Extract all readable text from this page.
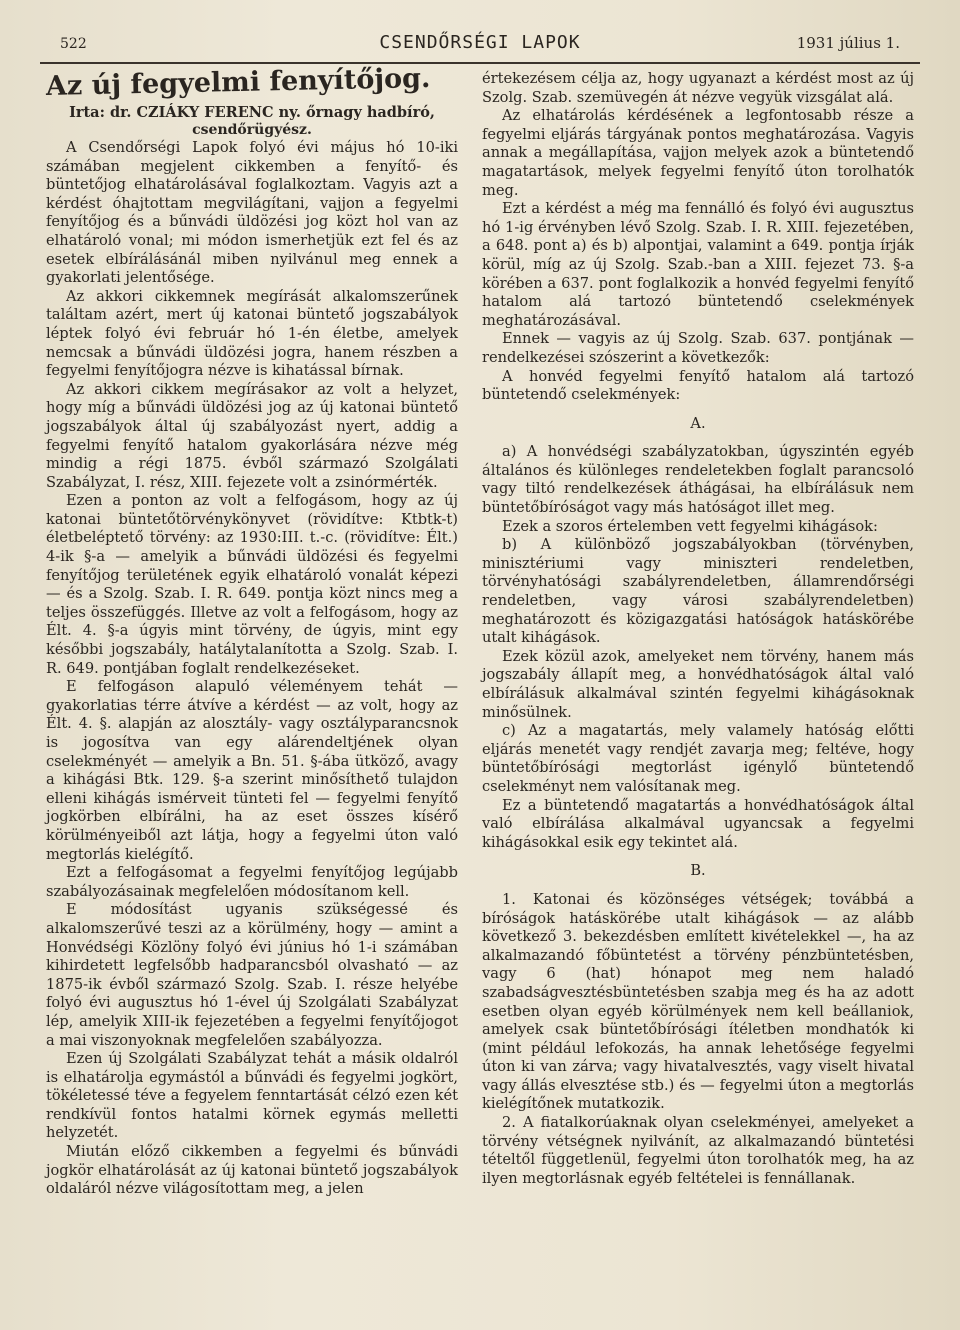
522	CSENDŐRSÉGI LAPOK	1931 július 1.

Az új fegyelmi fenyítőjog.

Irta: dr. CZIÁKY FERENC ny. őrnagy hadbíró,

csendőrügyész.

A Csendőrségi Lapok folyó évi május hó 10-iki számában megjelent cikkemben a fenyítő- és büntetőjog elhatárolásával foglalkoztam. Vagyis azt a kérdést óhajtottam megvilágítani, vajjon a fegyelmi fenyítőjog és a bűnvádi üldözési jog közt hol van az elhatároló vonal; mi módon ismerhetjük ezt fel és az esetek elbírálásánál miben nyilvánul meg ennek a gyakorlati jelentősége.

Az akkori cikkemnek megírását alkalomszerűnek találtam azért, mert új katonai büntető jogszabályok léptek folyó évi február hó 1-én életbe, amelyek nemcsak a bűnvádi üldözési jogra, hanem részben a fegyelmi fenyítőjogra nézve is kihatással bírnak.

Az akkori cikkem megírásakor az volt a helyzet, hogy míg a bűnvádi üldözési jog az új katonai büntető jogszabályok által új szabályozást nyert, addig a fegyelmi fenyítő hatalom gyakorlására nézve még mindig a régi 1875. évből származó Szolgálati Szabályzat, I. rész, XIII. fejezete volt a zsinórmérték.

Ezen a ponton az volt a felfogásom, hogy az új katonai büntetőtörvénykönyvet (rövidítve: Ktbtk-t) életbeléptető törvény: az 1930:III. t.-c. (rövidítve: Élt.) 4-ik §-a — amelyik a bűnvádi üldözési és fegyelmi fenyítőjog területének egyik elhatároló vonalát képezi — és a Szolg. Szab. I. R. 649. pontja közt nincs meg a teljes összefüggés. Illetve az volt a felfogásom, hogy az Élt. 4. §-a úgyis mint törvény, de úgyis, mint egy későbbi jogszabály, hatálytalanította a Szolg. Szab. I. R. 649. pontjában foglalt rendelkezéseket.

E felfogáson alapuló véleményem tehát — gyakorlatias térre átvíve a kérdést — az volt, hogy az Élt. 4. §. alapján az alosztály- vagy osztályparancsnok is jogosítva van egy alárendeltjének olyan cselekményét — amelyik a Bn. 51. §-ába ütköző, avagy a kihágási Btk. 129. §-a szerint minősíthető tulajdon elleni kihágás ismérveit tünteti fel — fegyelmi fenyítő jogkörben elbírálni, ha az eset összes kísérő körülményeiből azt látja, hogy a fegyelmi úton való megtorlás kielégítő.

Ezt a felfogásomat a fegyelmi fenyítőjog legújabb szabályozásainak megfelelően módosítanom kell.

E módosítást ugyanis szükségessé és alkalomszerűvé teszi az a körülmény, hogy — amint a Honvédségi Közlöny folyó évi június hó 1-i számában kihirdetett legfelsőbb hadparancsból olvasható — az 1875-ik évből származó Szolg. Szab. I. része helyébe folyó évi augusztus hó 1-ével új Szolgálati Szabályzat lép, amelyik XIII-ik fejezetében a fegyelmi fenyítőjogot a mai viszonyoknak megfelelően szabályozza.

Ezen új Szolgálati Szabályzat tehát a másik oldalról is elhatárolja egymástól a bűnvádi és fegyelmi jogkört, tökéletessé téve a fegyelem fenntartását célzó ezen két rendkívül fontos hatalmi körnek egymás melletti helyzetét.

Miután előző cikkemben a fegyelmi és bűnvádi jogkör elhatárolását az új katonai büntető jogszabályok oldaláról nézve világosítottam meg, a jelen

értekezésem célja az, hogy ugyanazt a kérdést most az új Szolg. Szab. szemüvegén át nézve vegyük vizsgálat alá.

Az elhatárolás kérdésének a legfontosabb része a fegyelmi eljárás tárgyának pontos meghatározása. Vagyis annak a megállapítása, vajjon melyek azok a büntetendő magatartások, melyek fegyelmi fenyítő úton torolhatók meg.

Ezt a kérdést a még ma fennálló és folyó évi augusztus hó 1-ig érvényben lévő Szolg. Szab. I. R. XIII. fejezetében, a 648. pont a) és b) alpontjai, valamint a 649. pontja írják körül, míg az új Szolg. Szab.-ban a XIII. fejezet 73. §-a körében a 637. pont foglalkozik a honvéd fegyelmi fenyítő hatalom alá tartozó büntetendő cselekmények meghatározásával.

Ennek — vagyis az új Szolg. Szab. 637. pontjának — rendelkezései szószerint a következők:

A honvéd fegyelmi fenyítő hatalom alá tartozó büntetendő cselekmények:

A.

a) A honvédségi szabályzatokban, úgyszintén egyéb általános és különleges rendeletekben foglalt parancsoló vagy tiltó rendelkezések áthágásai, ha elbírálásuk nem büntetőbíróságot vagy más hatóságot illet meg.

Ezek a szoros értelemben vett fegyelmi kihágások:

b) A különböző jogszabályokban (törvényben, minisztériumi vagy miniszteri rendeletben, törvényhatósági szabályrendeletben, államrendőrségi rendeletben, vagy városi szabályrendeletben) meghatározott és közigazgatási hatóságok hatáskörébe utalt kihágások.

Ezek közül azok, amelyeket nem törvény, hanem más jogszabály állapít meg, a honvédhatóságok által való elbírálásuk alkalmával szintén fegyelmi kihágásoknak minősülnek.

c) Az a magatartás, mely valamely hatóság előtti eljárás menetét vagy rendjét zavarja meg; feltéve, hogy büntetőbírósági megtorlást igénylő büntetendő cselekményt nem valósítanak meg.

Ez a büntetendő magatartás a honvédhatóságok által való elbírálása alkalmával ugyancsak a fegyelmi kihágásokkal esik egy tekintet alá.

B.

1. Katonai és közönséges vétségek; továbbá a bíróságok hatáskörébe utalt kihágások — az alább következő 3. bekezdésben említett kivételekkel —, ha az alkalmazandó főbüntetést a törvény pénzbüntetésben, vagy 6 (hat) hónapot meg nem haladó szabadságvesztésbüntetésben szabja meg és ha az adott esetben olyan egyéb körülmények nem kell beállaniok, amelyek csak büntetőbírósági ítéletben mondhatók ki (mint például lefokozás, ha annak lehetősége fegyelmi úton ki van zárva; vagy hivatalvesztés, vagy viselt hivatal vagy állás elvesztése stb.) és — fegyelmi úton a megtorlás kielégítőnek mutatkozik.

2. A fiatalkorúaknak olyan cselekményei, amelyeket a törvény vétségnek nyilvánít, az alkalmazandó büntetési tételtől függetlenül, fegyelmi úton torolhatók meg, ha az ilyen megtorlásnak egyéb feltételei is fennállanak.
